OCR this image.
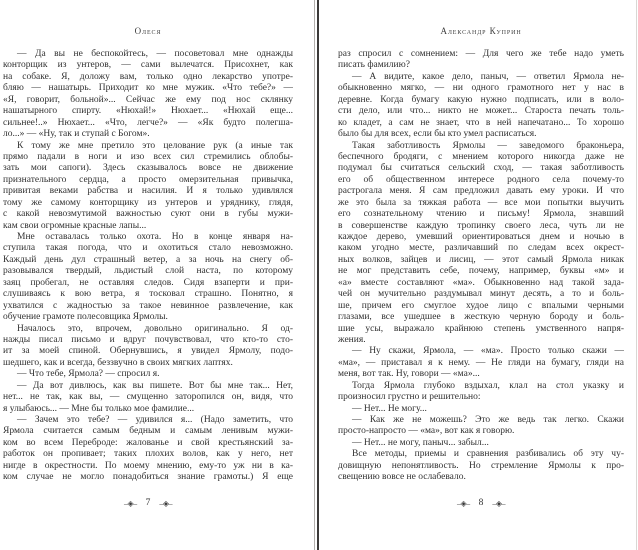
Олеся
— Да вы не беспокойтесь, — посоветовал мне однажды
конторщик из унтеров, — сами вылечатся. Присохнет, как
на собаке. Я, доложу вам, только одно лекарство употре-
бляю — нашатырь. Приходит ко мне мужик. «Что тебе?» —
«Я, говорит, больной»... Сейчас же ему под нос склянку
нашатырного спирту. «Нюхай!» Нюхает... «Нюхай еще...
сильнее!..» Нюхает... «Что, легче?» — «Як будто полегша-
ло...» — «Ну, так и ступай с Богом».
К тому же мне претило это целование рук (а иные так
прямо падали в ноги и изо всех сил стремились облобы-
зать мои сапоги). Здесь сказывалось вовсе не движение
признательного сердца, а просто омерзительная привычка,
привитая веками рабства и насилия. И я только удивлялся
тому же самому конторщику из унтеров и уряднику, глядя,
с какой невозмутимой важностью суют они в губы мужи-
кам свои огромные красные лапы...
Мне оставалась только охота. Но в конце января на-
ступила такая погода, что и охотиться стало невозможно.
Каждый день дул страшный ветер, а за ночь на снегу об-
разовывался твердый, льдистый слой наста, по которому
заяц пробегал, не оставляя следов. Сидя взаперти и при-
слушиваясь к вою ветра, я тосковал страшно. Понятно, я
ухватился с жадностью за такое невинное развлечение, как
обучение грамоте полесовщика Ярмолы.
Началось это, впрочем, довольно оригинально. Я од-
нажды писал письмо и вдруг почувствовал, что кто-то сто-
ит за моей спиной. Обернувшись, я увидел Ярмолу, подо-
шедшего, как и всегда, беззвучно в своих мягких лаптях.
— Что тебе, Ярмола? — спросил я.
— Да вот дивлюсь, как вы пишете. Вот бы мне так... Нет,
нет... не так, как вы, — смущенно заторопился он, видя, что
я улыбаюсь... — Мне бы только мое фамилие...
— Зачем это тебе? — удивился я... (Надо заметить, что
Ярмола считается самым бедным и самым ленивым мужи-
ком во всем Переброде: жалованье и свой крестьянский за-
работок он пропивает; таких плохих волов, как у него, нет
нигде в окрестности. По моему мнению, ему-то уж ни в ка-
ком случае не могло понадобиться знание грамоты.) Я еще
–◈– 7 –◈–
Александр Куприн
раз спросил с сомнением: — Для чего же тебе надо уметь
писать фамилию?
— А видите, какое дело, паныч, — ответил Ярмола не-
обыкновенно мягко, — ни одного грамотного нет у нас в
деревне. Когда бумагу какую нужно подписать, или в воло-
сти дело, или что... никто не может... Староста печать толь-
ко кладет, а сам не знает, что в ней напечатано... То хорошо
было бы для всех, если бы кто умел расписаться.
Такая заботливость Ярмолы — заведомого браконьера,
беспечного бродяги, с мнением которого никогда даже не
подумал бы считаться сельский сход, — такая заботливость
его об общественном интересе родного села почему-то
растрогала меня. Я сам предложил давать ему уроки. И что
же это была за тяжкая работа — все мои попытки выучить
его сознательному чтению и письму! Ярмола, знавший
в совершенстве каждую тропинку своего леса, чуть ли не
каждое дерево, умевший ориентироваться днем и ночью в
каком угодно месте, различавший по следам всех окрест-
ных волков, зайцев и лисиц, — этот самый Ярмола никак
не мог представить себе, почему, например, буквы «м» и
«а» вместе составляют «ма». Обыкновенно над такой зада-
чей он мучительно раздумывал минут десять, а то и боль-
ше, причем его смуглое худое лицо с впалыми черными
глазами, все ушедшее в жесткую черную бороду и боль-
шие усы, выражало крайнюю степень умственного напря-
жения.
— Ну скажи, Ярмола, — «ма». Просто только скажи —
«ма», — приставал я к нему. — Не гляди на бумагу, гляди на
меня, вот так. Ну, говори — «ма»...
Тогда Ярмола глубоко вздыхал, клал на стол указку и
произносил грустно и решительно:
— Нет... Не могу...
— Как же не можешь? Это же ведь так легко. Скажи
просто-напросто — «ма», вот как я говорю.
— Нет... не могу, паныч... забыл...
Все методы, приемы и сравнения разбивались об эту чу-
довищную непонятливость. Но стремление Ярмолы к про-
свещению вовсе не ослабевало.
–◈– 8 –◈–
